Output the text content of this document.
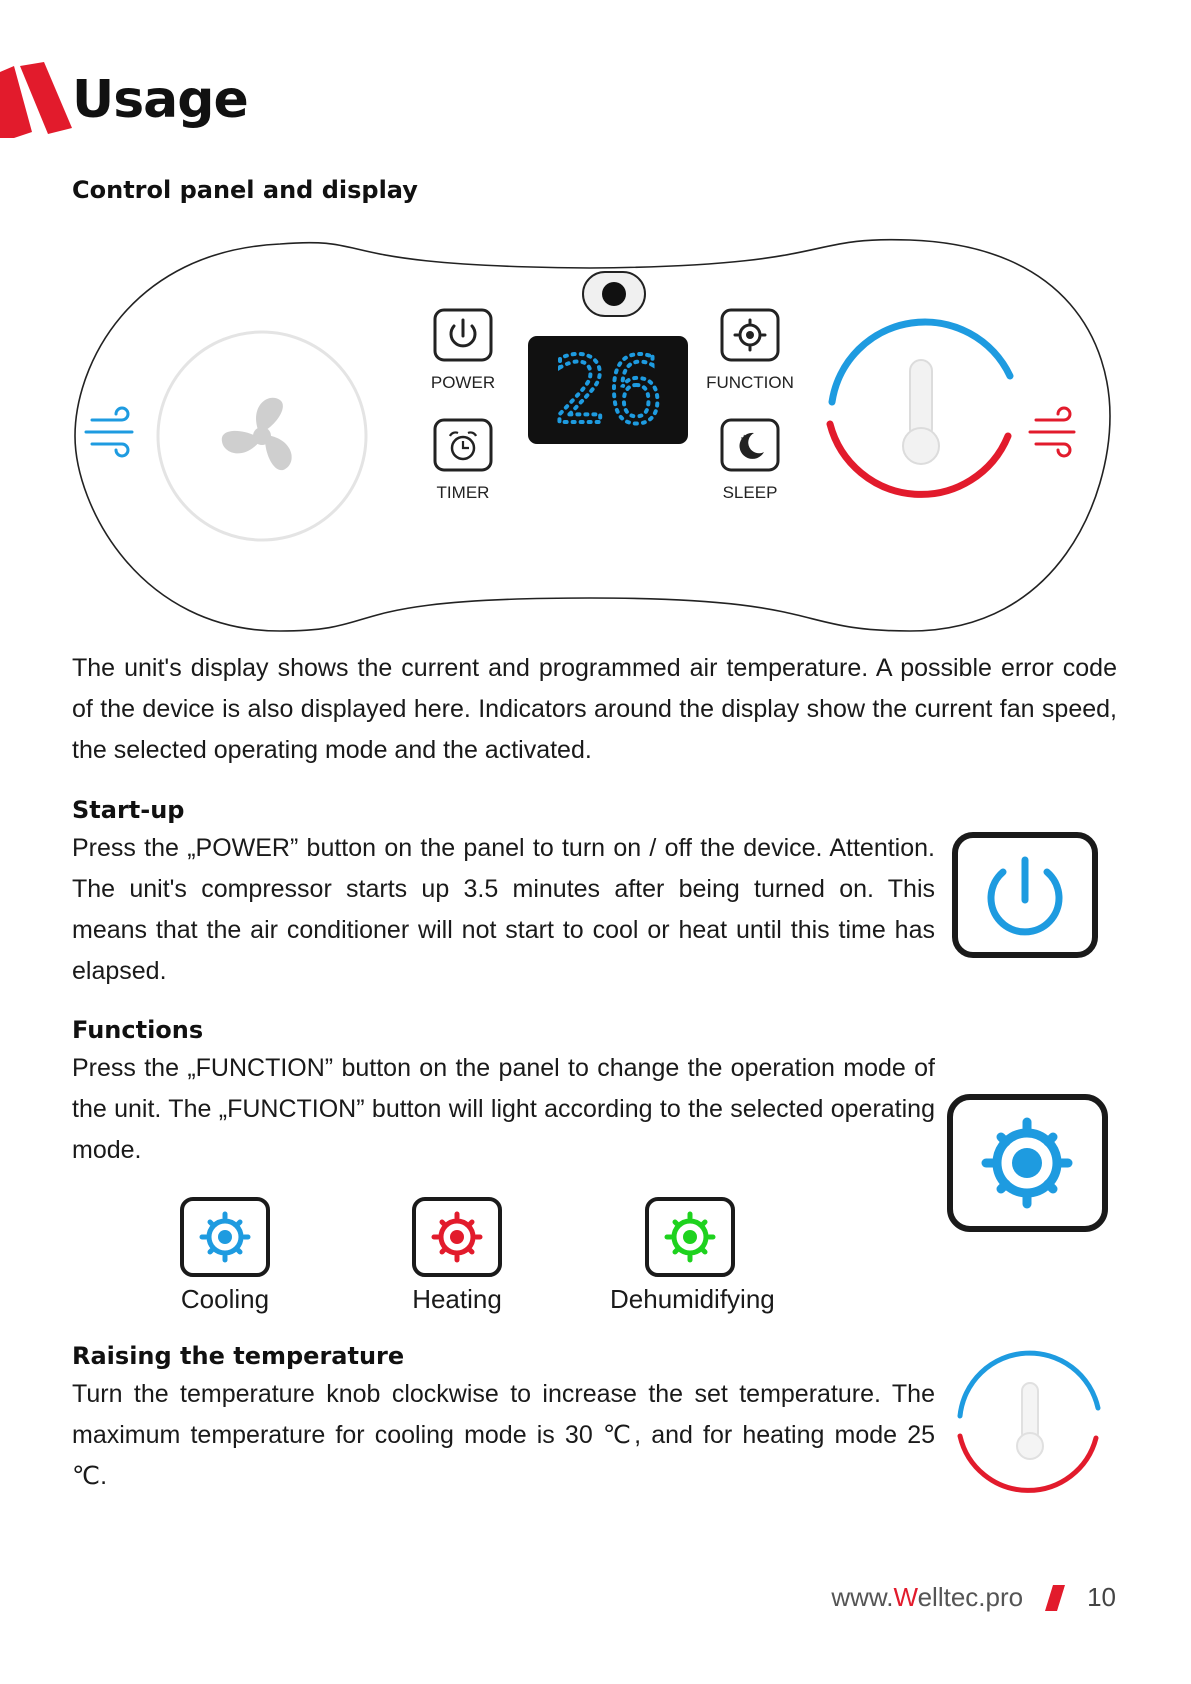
Usage
Control panel and display
POWER
TIMER
26	FUNCTION
+
SLEEP
The unit's display shows the current and programmed air temperature. A possible error code of the device is also displayed here. Indicators around the display show the current fan speed, the selected operating mode and the activated.
Start-up
Press the „POWER” button on the panel to turn on / off the device. Attention. The unit's compressor starts up 3.5 minutes after being turned on. This means that the air conditioner will not start to cool or heat until this time has elapsed.
Functions
Press the „FUNCTION” button on the panel to change the operation mode of the unit. The „FUNCTION” button will light according to the selected operating mode.
Cooling	Heating	Dehumidifying
Raising the temperature
Turn the temperature knob clockwise to increase the set temperature. The maximum temperature for cooling mode is 30 ℃, and for heating mode 25 ℃.
www.Welltec.pro 10
